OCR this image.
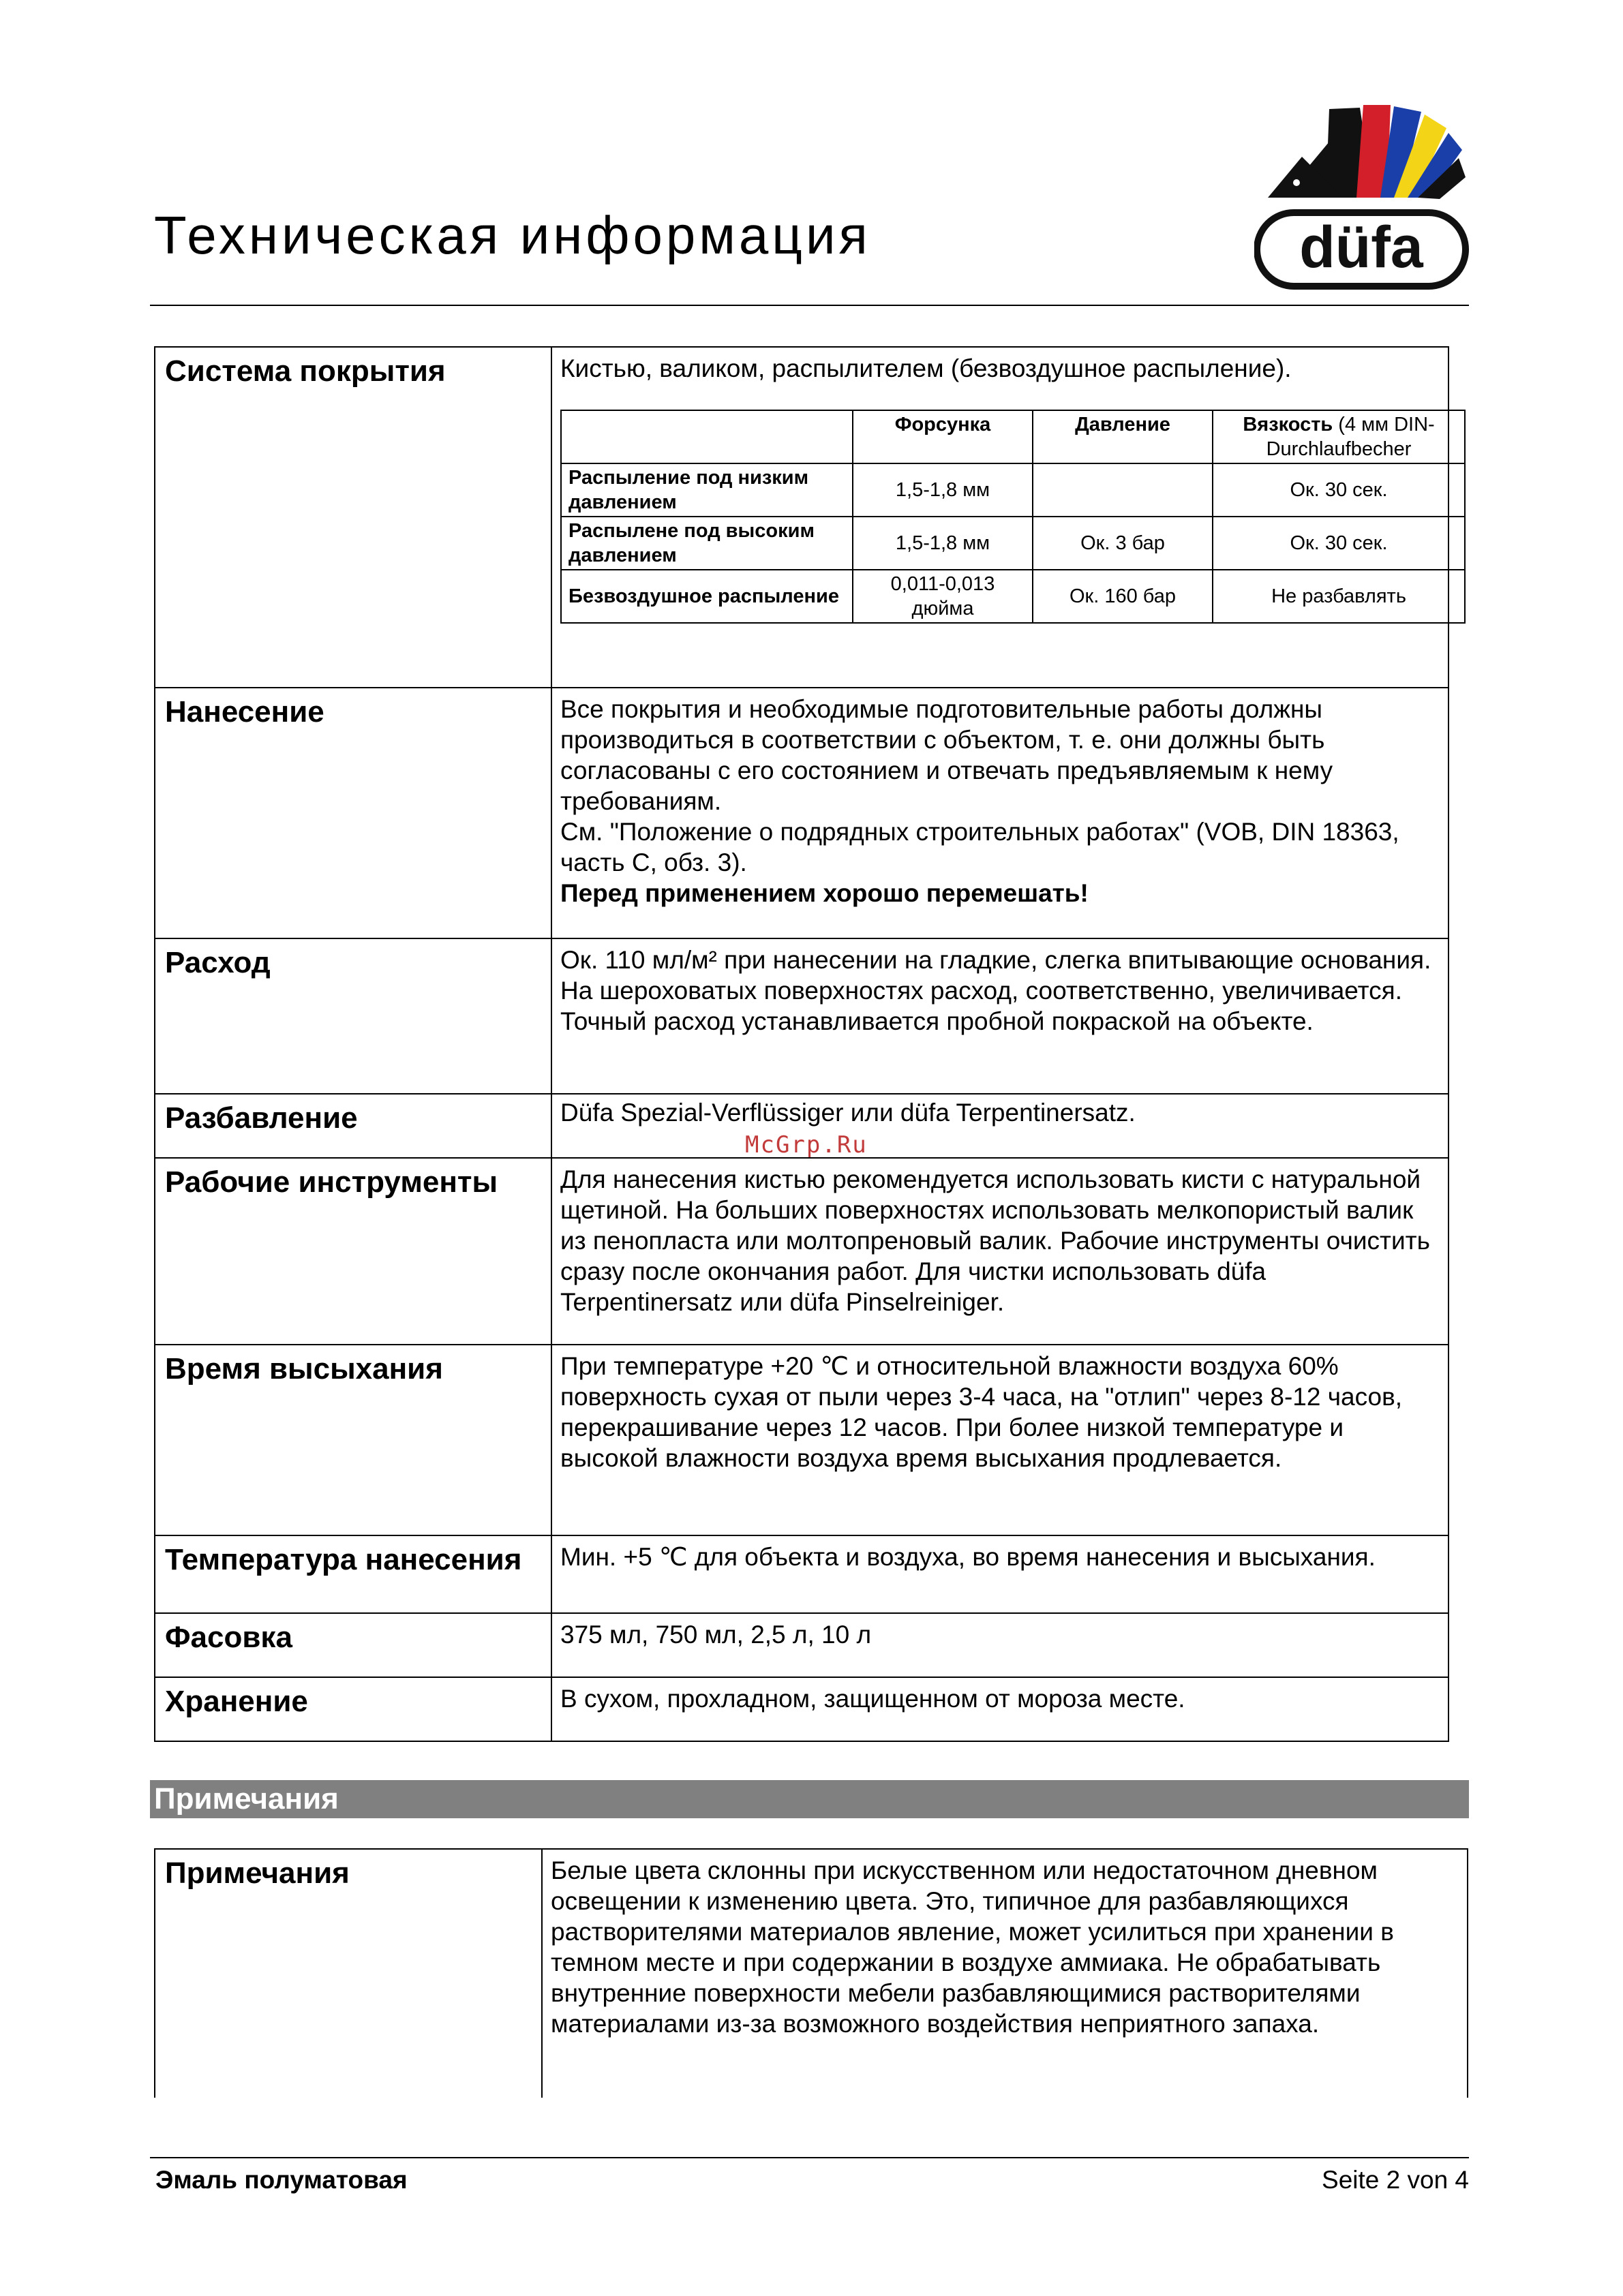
Техническая информация	düfa
Система покрытия	Кистью, валиком, распылителем (безвоздушное распыление).

	Форсунка	Давление	Вязкость (4 мм DIN-Durchlaufbecher
Распыление под низким давлением	1,5-1,8 мм		Ок. 30 сек.
Распылене под высоким давлением	1,5-1,8 мм	Ок. 3 бар	Ок. 30 сек.
Безвоздушное распыление	0,011-0,013 дюйма	Ок. 160 бар	Не разбавлять

Нанесение	Все покрытия и необходимые подготовительные работы должны производиться в соответствии с объектом, т. е. они должны быть согласованы с его состоянием и отвечать предъявляемым к нему требованиям.

См. "Положение о подрядных строительных работах" (VOB, DIN 18363, часть С, обз. 3).

Перед применением хорошо перемешать!

Расход	Ок. 110 мл/м² при нанесении на гладкие, слегка впитывающие основания. На шероховатых поверхностях расход, соответственно, увеличивается. Точный расход устанавливается пробной покраской на объекте.
Разбавление	Düfa Spezial-Verflüssiger или düfa Terpentinersatz.
Рабочие инструменты	Для нанесения кистью рекомендуется использовать кисти с натуральной щетиной. На больших поверхностях использовать мелкопористый валик из пенопласта или молтопреновый валик. Рабочие инструменты очистить сразу после окончания работ. Для чистки использовать düfa Terpentinersatz или düfa Pinselreiniger.
Время высыхания	При температуре +20 ℃ и относительной влажности воздуха 60% поверхность сухая от пыли через 3-4 часа, на "отлип" через 8-12 часов, перекрашивание через 12 часов. При более низкой температуре и высокой влажности воздуха время высыхания продлевается.
Температура нанесения	Мин. +5 ℃ для объекта и воздуха, во время нанесения и высыхания.
Фасовка	375 мл, 750 мл, 2,5 л, 10 л
Хранение	В сухом, прохладном, защищенном от мороза месте.
McGrp.Ru
Примечания
Примечания	Белые цвета склонны при искусственном или недостаточном дневном освещении к изменению цвета. Это, типичное для разбавляющихся растворителями материалов явление, может усилиться при хранении в темном месте и при содержании в воздухе аммиака. Не обрабатывать внутренние поверхности мебели разбавляющимися растворителями материалами из-за возможного воздействия неприятного запаха.
Эмаль полуматовая	Seite 2 von 4
